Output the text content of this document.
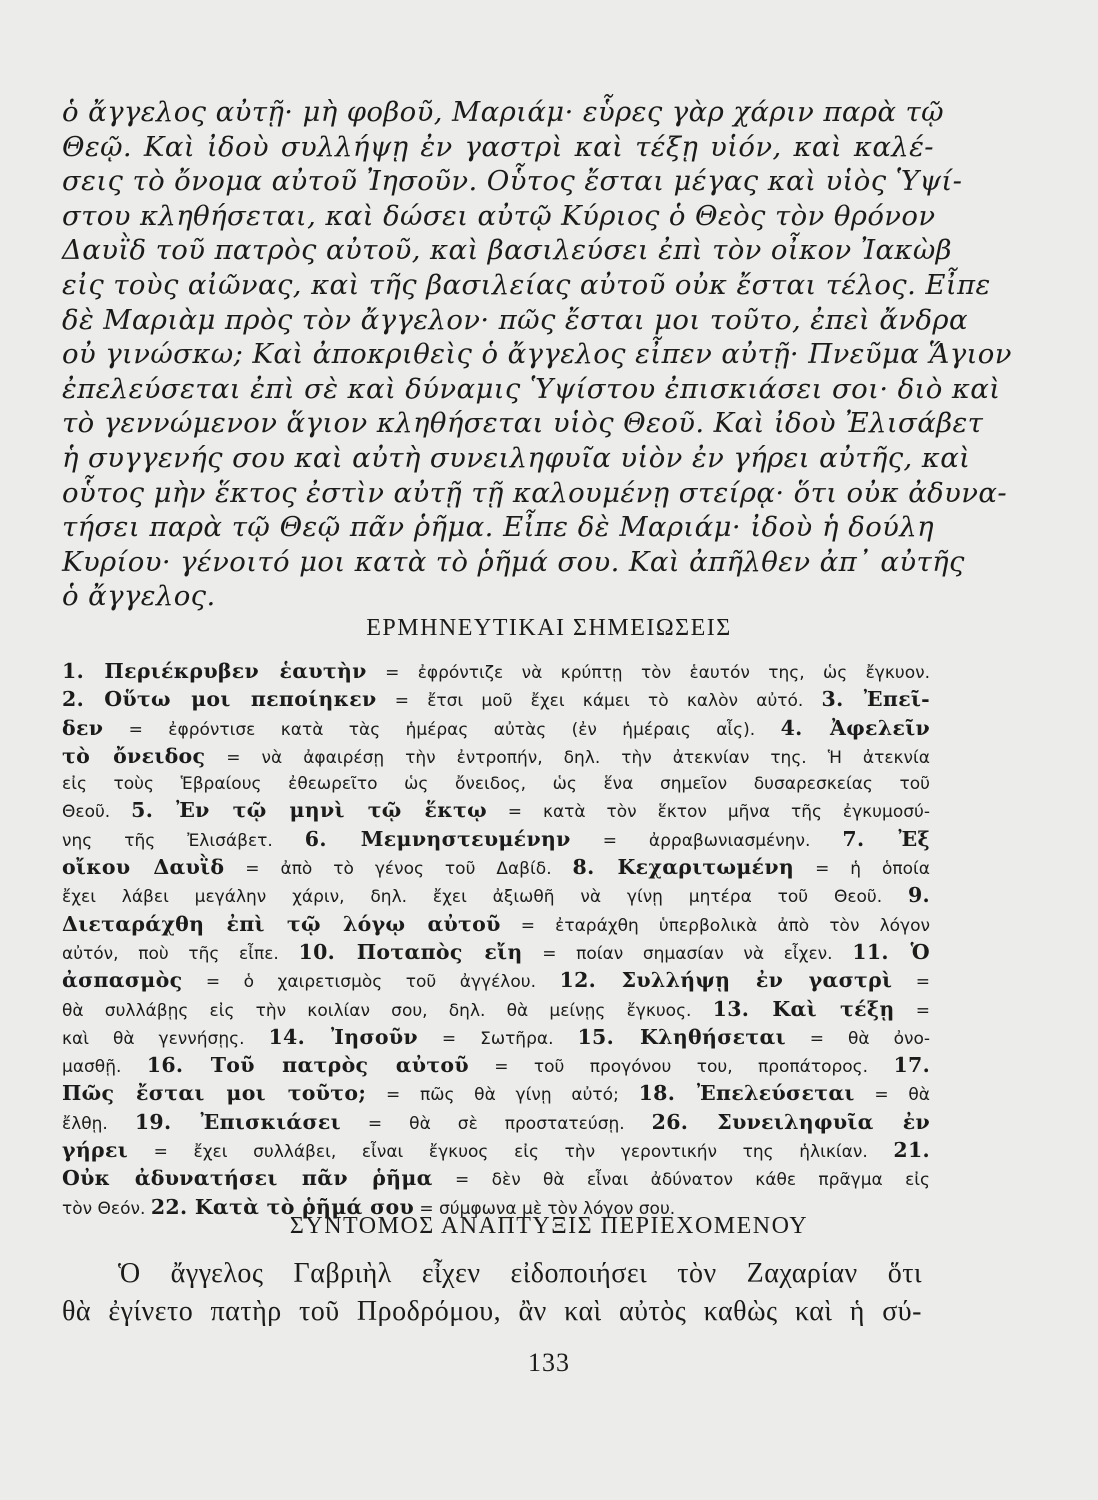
ὁ ἄγγελος αὐτῇ· μὴ φοβοῦ, Μαριάμ· εὗρες γὰρ χάριν παρὰ τῷ
Θεῷ. Καὶ ἰδοὺ συλλήψῃ ἐν γαστρὶ καὶ τέξῃ υἱόν, καὶ καλέ-
σεις τὸ ὄνομα αὐτοῦ Ἰησοῦν. Οὗτος ἔσται μέγας καὶ υἱὸς Ὑψί-
στου κληθήσεται, καὶ δώσει αὐτῷ Κύριος ὁ Θεὸς τὸν θρόνον
Δαυῒδ τοῦ πατρὸς αὐτοῦ, καὶ βασιλεύσει ἐπὶ τὸν οἶκον Ἰακὼβ
εἰς τοὺς αἰῶνας, καὶ τῆς βασιλείας αὐτοῦ οὐκ ἔσται τέλος. Εἶπε
δὲ Μαριὰμ πρὸς τὸν ἄγγελον· πῶς ἔσται μοι τοῦτο, ἐπεὶ ἄνδρα
οὐ γινώσκω; Καὶ ἀποκριθεὶς ὁ ἄγγελος εἶπεν αὐτῇ· Πνεῦμα Ἅγιον
ἐπελεύσεται ἐπὶ σὲ καὶ δύναμις Ὑψίστου ἐπισκιάσει σοι· διὸ καὶ
τὸ γεννώμενον ἅγιον κληθήσεται υἱὸς Θεοῦ. Καὶ ἰδοὺ Ἐλισάβετ
ἡ συγγενής σου καὶ αὐτὴ συνειληφυῖα υἱὸν ἐν γήρει αὐτῆς, καὶ
οὗτος μὴν ἕκτος ἐστὶν αὐτῇ τῇ καλουμένῃ στείρᾳ· ὅτι οὐκ ἀδυνα-
τήσει παρὰ τῷ Θεῷ πᾶν ῥῆμα. Εἶπε δὲ Μαριάμ· ἰδοὺ ἡ δούλη
Κυρίου· γένοιτό μοι κατὰ τὸ ῥῆμά σου. Καὶ ἀπῆλθεν ἀπ᾿ αὐτῆς
ὁ ἄγγελος.
ΕΡΜΗΝΕΥΤΙΚΑΙ ΣΗΜΕΙΩΣΕΙΣ
1. Περιέκρυβεν ἑαυτὴν = ἐφρόντιζε νὰ κρύπτῃ τὸν ἑαυτόν της, ὡς ἔγκυον.
2. Οὕτω μοι πεποίηκεν = ἔτσι μοῦ ἔχει κάμει τὸ καλὸν αὐτό. 3. Ἐπεῖ-
δεν = ἐφρόντισε κατὰ τὰς ἡμέρας αὐτὰς (ἐν ἡμέραις αἷς). 4. Ἀφελεῖν
τὸ ὄνειδος = νὰ ἀφαιρέσῃ τὴν ἐντροπήν, δηλ. τὴν ἀτεκνίαν της. Ἡ ἀτεκνία
εἰς τοὺς Ἑβραίους ἐθεωρεῖτο ὡς ὄνειδος, ὡς ἕνα σημεῖον δυσαρεσκείας τοῦ
Θεοῦ. 5. Ἐν τῷ μηνὶ τῷ ἕκτῳ = κατὰ τὸν ἕκτον μῆνα τῆς ἐγκυμοσύ-
νης τῆς Ἐλισάβετ. 6. Μεμνηστευμένην = ἀρραβωνιασμένην. 7. Ἐξ
οἴκου Δαυῒδ = ἀπὸ τὸ γένος τοῦ Δαβίδ. 8. Κεχαριτωμένη = ἡ ὁποία
ἔχει λάβει μεγάλην χάριν, δηλ. ἔχει ἀξιωθῆ νὰ γίνῃ μητέρα τοῦ Θεοῦ. 9.
Διεταράχθη ἐπὶ τῷ λόγῳ αὐτοῦ = ἐταράχθη ὑπερβολικὰ ἀπὸ τὸν λόγον
αὐτόν, ποὺ τῆς εἶπε. 10. Ποταπὸς εἴη = ποίαν σημασίαν νὰ εἶχεν. 11. Ὁ
ἀσπασμὸς = ὁ χαιρετισμὸς τοῦ ἀγγέλου. 12. Συλλήψῃ ἐν γαστρὶ =
θὰ συλλάβῃς εἰς τὴν κοιλίαν σου, δηλ. θὰ μείνῃς ἔγκυος. 13. Καὶ τέξῃ =
καὶ θὰ γεννήσῃς. 14. Ἰησοῦν = Σωτῆρα. 15. Κληθήσεται = θὰ ὀνο-
μασθῇ. 16. Τοῦ πατρὸς αὐτοῦ = τοῦ προγόνου του, προπάτορος. 17.
Πῶς ἔσται μοι τοῦτο; = πῶς θὰ γίνῃ αὐτό; 18. Ἐπελεύσεται = θὰ
ἔλθῃ. 19. Ἐπισκιάσει = θὰ σὲ προστατεύσῃ. 26. Συνειληφυῖα ἐν
γήρει = ἔχει συλλάβει, εἶναι ἔγκυος εἰς τὴν γεροντικήν της ἡλικίαν. 21.
Οὐκ ἀδυνατήσει πᾶν ῥῆμα = δὲν θὰ εἶναι ἀδύνατον κάθε πρᾶγμα εἰς
τὸν Θεόν. 22. Κατὰ τὸ ῥῆμά σου = σύμφωνα μὲ τὸν λόγον σου.
ΣΥΝΤΟΜΟΣ ΑΝΑΠΤΥΞΙΣ ΠΕΡΙΕΧΟΜΕΝΟΥ
Ὁ ἄγγελος Γαβριὴλ εἶχεν εἰδοποιήσει τὸν Ζαχαρίαν ὅτι
θὰ ἐγίνετο πατὴρ τοῦ Προδρόμου, ἂν καὶ αὐτὸς καθὼς καὶ ἡ σύ-
133
